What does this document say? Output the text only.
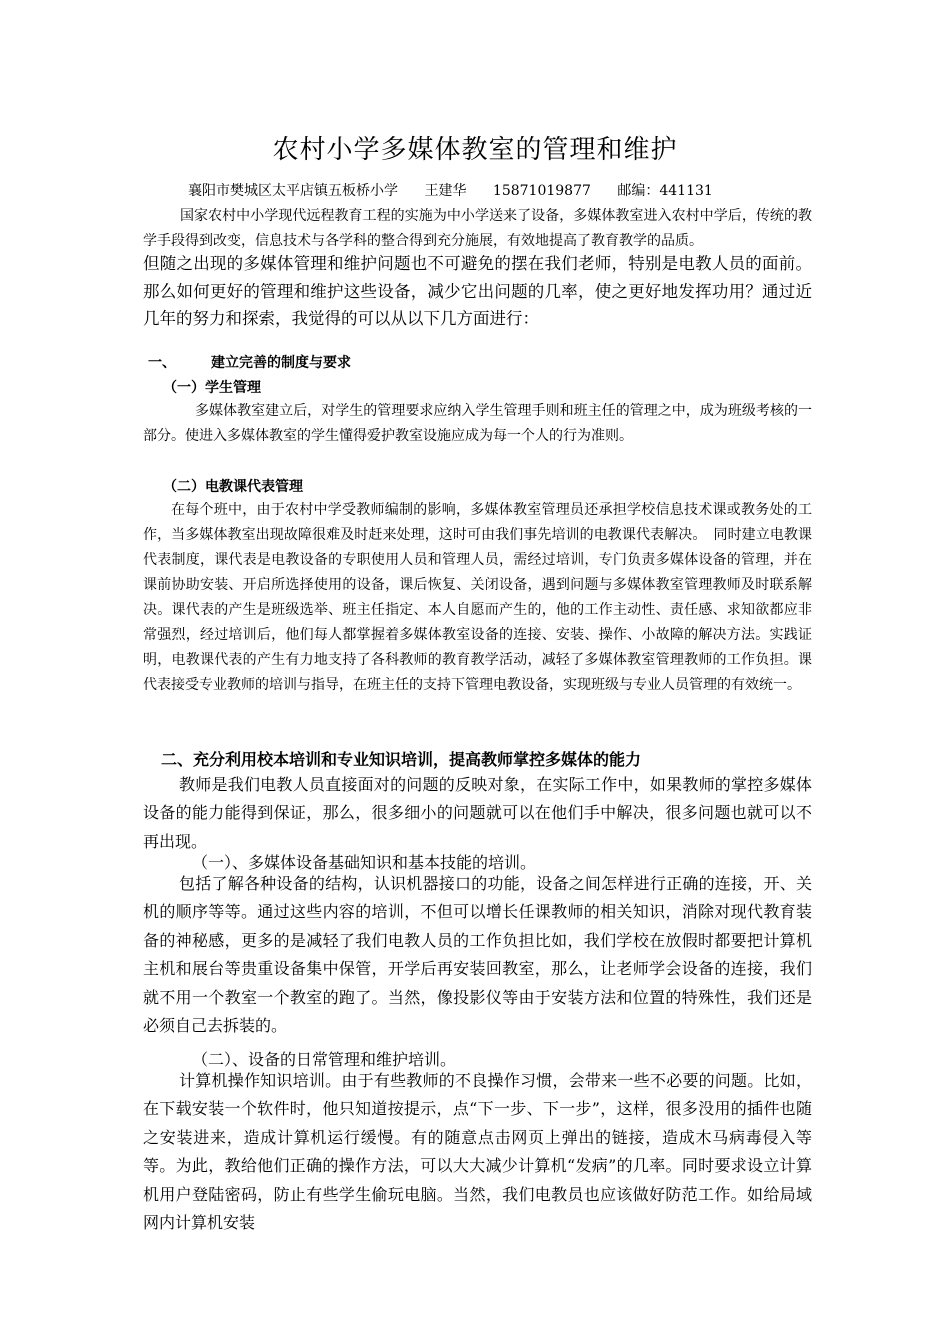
农村小学多媒体教室的管理和维护
襄阳市樊城区太平店镇五板桥小学 王建华 15871019877 邮编：441131
国家农村中小学现代远程教育工程的实施为中小学送来了设备，多媒体教室进入农村中学后，传统的教学手段得到改变，信息技术与各学科的整合得到充分施展，有效地提高了教育教学的品质。
但随之出现的多媒体管理和维护问题也不可避免的摆在我们老师，特别是电教人员的面前。那么如何更好的管理和维护这些设备，减少它出问题的几率，使之更好地发挥功用？通过近几年的努力和探索，我觉得的可以从以下几方面进行：
一、	建立完善的制度与要求
（一）学生管理
多媒体教室建立后，对学生的管理要求应纳入学生管理手则和班主任的管理之中，成为班级考核的一部分。使进入多媒体教室的学生懂得爱护教室设施应成为每一个人的行为准则。
（二）电教课代表管理
在每个班中，由于农村中学受教师编制的影响，多媒体教室管理员还承担学校信息技术课或教务处的工作，当多媒体教室出现故障很难及时赶来处理，这时可由我们事先培训的电教课代表解决。　同时建立电教课代表制度，课代表是电教设备的专职使用人员和管理人员，需经过培训，专门负责多媒体设备的管理，并在课前协助安装、开启所选择使用的设备，课后恢复、关闭设备，遇到问题与多媒体教室管理教师及时联系解决。课代表的产生是班级选举、班主任指定、本人自愿而产生的，他的工作主动性、责任感、求知欲都应非常强烈，经过培训后，他们每人都掌握着多媒体教室设备的连接、安装、操作、小故障的解决方法。实践证明，电教课代表的产生有力地支持了各科教师的教育教学活动，减轻了多媒体教室管理教师的工作负担。课代表接受专业教师的培训与指导，在班主任的支持下管理电教设备，实现班级与专业人员管理的有效统一。
二、充分利用校本培训和专业知识培训，提高教师掌控多媒体的能力
教师是我们电教人员直接面对的问题的反映对象，在实际工作中，如果教师的掌控多媒体设备的能力能得到保证，那么，很多细小的问题就可以在他们手中解决，很多问题也就可以不再出现。
（一）、多媒体设备基础知识和基本技能的培训。
包括了解各种设备的结构，认识机器接口的功能，设备之间怎样进行正确的连接，开、关机的顺序等等。通过这些内容的培训，不但可以增长任课教师的相关知识，消除对现代教育装备的神秘感，更多的是减轻了我们电教人员的工作负担比如，我们学校在放假时都要把计算机主机和展台等贵重设备集中保管，开学后再安装回教室，那么，让老师学会设备的连接，我们就不用一个教室一个教室的跑了。当然，像投影仪等由于安装方法和位置的特殊性，我们还是必须自己去拆装的。
（二）、设备的日常管理和维护培训。
计算机操作知识培训。由于有些教师的不良操作习惯，会带来一些不必要的问题。比如，在下载安装一个软件时，他只知道按提示，点“下一步、下一步”，这样，很多没用的插件也随之安装进来，造成计算机运行缓慢。有的随意点击网页上弹出的链接，造成木马病毒侵入等等。为此，教给他们正确的操作方法，可以大大减少计算机“发病”的几率。同时要求设立计算机用户登陆密码，防止有些学生偷玩电脑。当然，我们电教员也应该做好防范工作。如给局域网内计算机安装
